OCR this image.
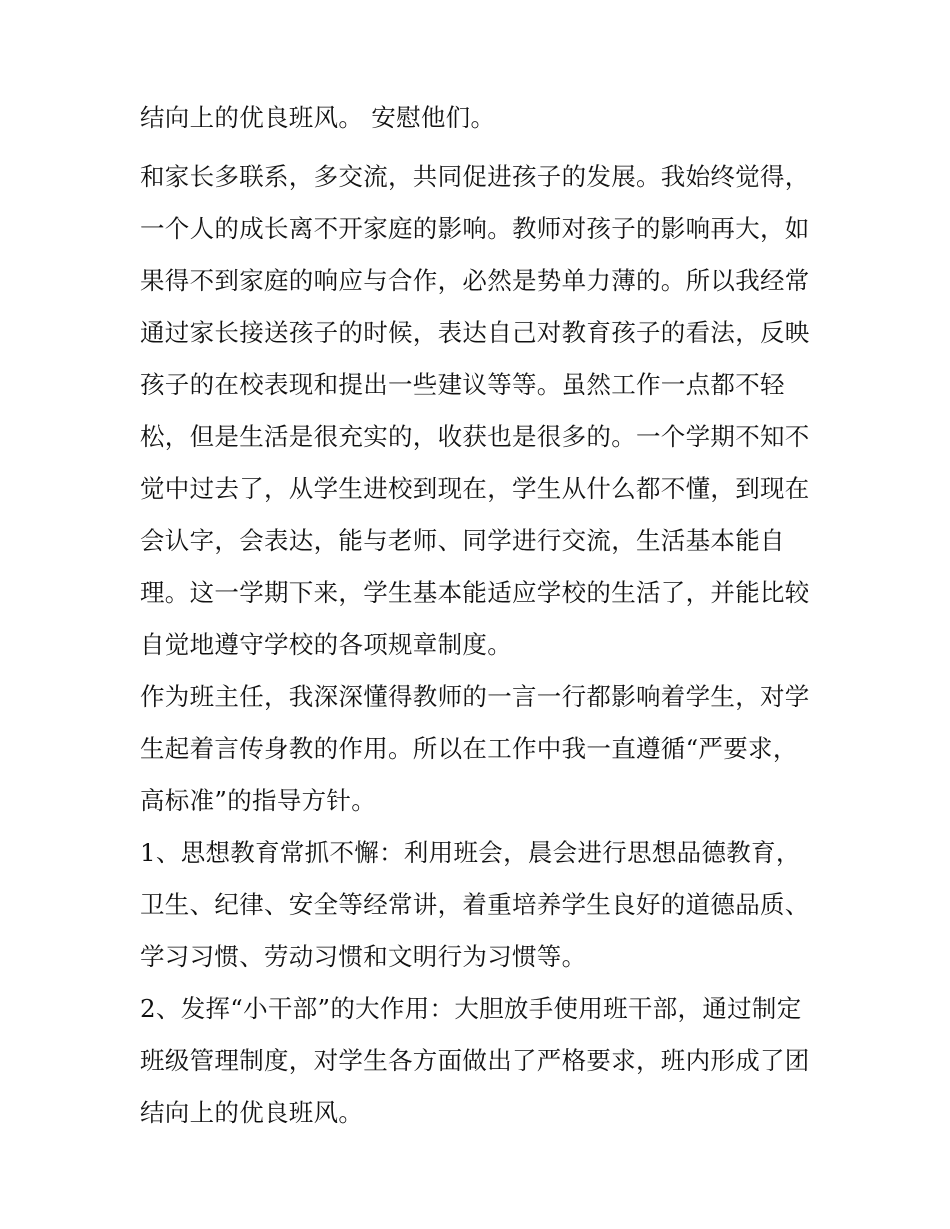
结向上的优良班风。 安慰他们。
和家长多联系，多交流，共同促进孩子的发展。我始终觉得，
一个人的成长离不开家庭的影响。教师对孩子的影响再大，如
果得不到家庭的响应与合作，必然是势单力薄的。所以我经常
通过家长接送孩子的时候，表达自己对教育孩子的看法，反映
孩子的在校表现和提出一些建议等等。虽然工作一点都不轻
松，但是生活是很充实的，收获也是很多的。一个学期不知不
觉中过去了，从学生进校到现在，学生从什么都不懂，到现在
会认字，会表达，能与老师、同学进行交流，生活基本能自
理。这一学期下来，学生基本能适应学校的生活了，并能比较
自觉地遵守学校的各项规章制度。
作为班主任，我深深懂得教师的一言一行都影响着学生，对学
生起着言传身教的作用。所以在工作中我一直遵循“严要求，
高标准”的指导方针。
1、思想教育常抓不懈：利用班会，晨会进行思想品德教育，
卫生、纪律、安全等经常讲，着重培养学生良好的道德品质、
学习习惯、劳动习惯和文明行为习惯等。
2、发挥“小干部”的大作用：大胆放手使用班干部，通过制定
班级管理制度，对学生各方面做出了严格要求，班内形成了团
结向上的优良班风。
